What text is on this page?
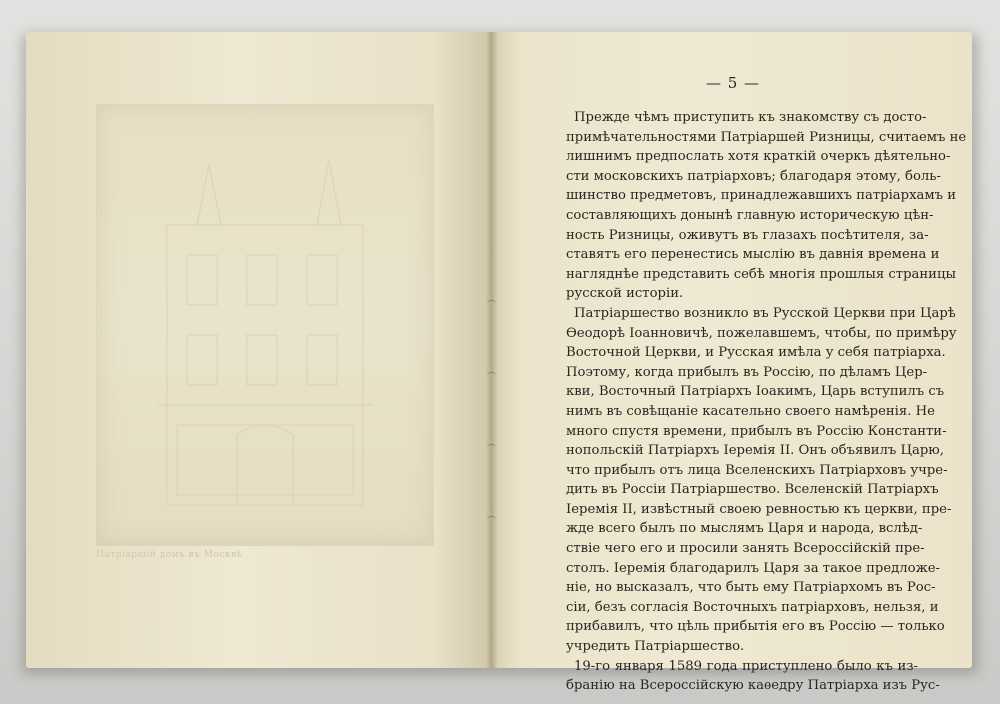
Патріаршій домъ въ Москвѣ
— 5 —
Прежде чѣмъ приступить къ знакомству съ досто-
примѣчательностями Патріаршей Ризницы, считаемъ не
лишнимъ предпослать хотя краткій очеркъ дѣятельно-
сти московскихъ патріарховъ; благодаря этому, боль-
шинство предметовъ, принадлежавшихъ патріархамъ и
составляющихъ донынѣ главную историческую цѣн-
ность Ризницы, оживутъ въ глазахъ посѣтителя, за-
ставятъ его перенестись мыслію въ давнія времена и
нагляднѣе представить себѣ многія прошлыя страницы
русской исторіи.
Патріаршество возникло въ Русской Церкви при Царѣ
Ѳеодорѣ Іоанновичѣ, пожелавшемъ, чтобы, по примѣру
Восточной Церкви, и Русская имѣла у себя патріарха.
Поэтому, когда прибылъ въ Россію, по дѣламъ Цер-
кви, Восточный Патріархъ Іоакимъ, Царь вступилъ съ
нимъ въ совѣщаніе касательно своего намѣренія. Не
много спустя времени, прибылъ въ Россію Константи-
нопольскій Патріархъ Іеремія II. Онъ объявилъ Царю,
что прибылъ отъ лица Вселенскихъ Патріарховъ учре-
дить въ Россіи Патріаршество. Вселенскій Патріархъ
Іеремія II, извѣстный своею ревностью къ церкви, пре-
жде всего былъ по мыслямъ Царя и народа, вслѣд-
ствіе чего его и просили занять Всероссійскій пре-
столъ. Іеремія благодарилъ Царя за такое предложе-
ніе, но высказалъ, что быть ему Патріархомъ въ Рос-
сіи, безъ согласія Восточныхъ патріарховъ, нельзя, и
прибавилъ, что цѣль прибытія его въ Россію — только
учредить Патріаршество.
19-го января 1589 года приступлено было къ из-
бранію на Всероссійскую каѳедру Патріарха изъ Рус-
